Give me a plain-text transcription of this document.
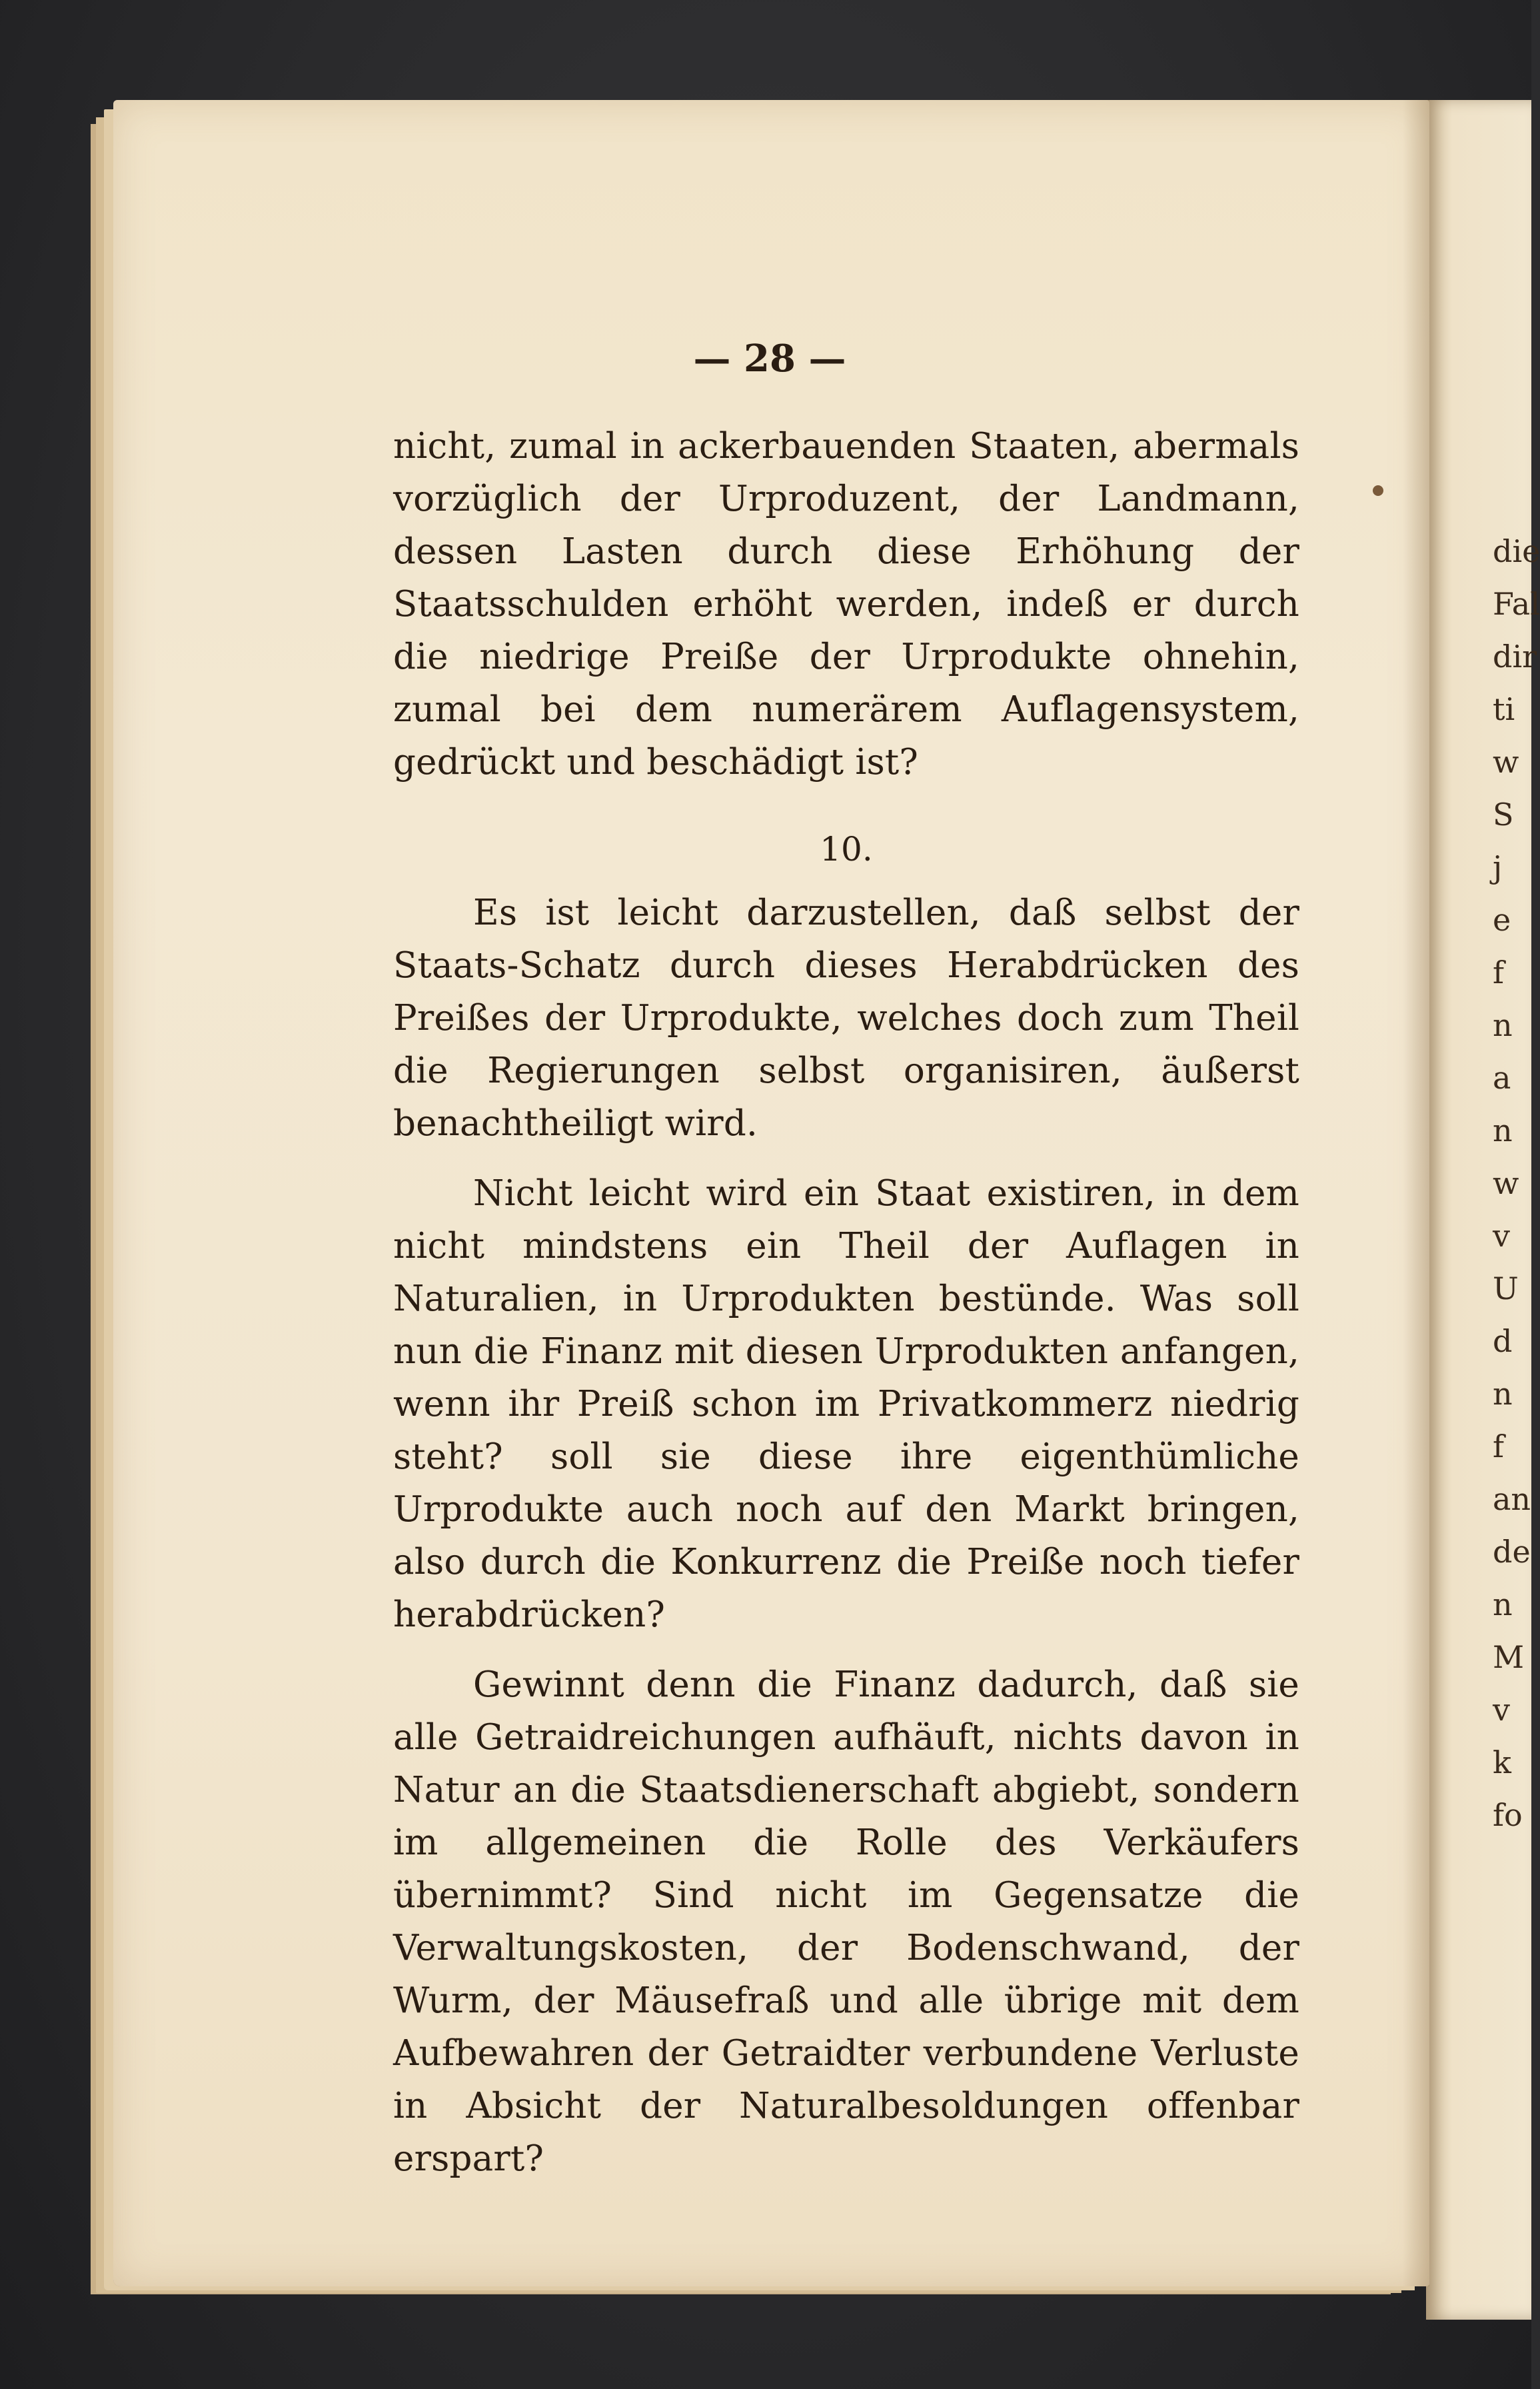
die
Fal
dir
ti
w
S
j
e
f
n
a
n
w
v
U
d
n
f
an
de
n
M
v
k
fo
— 28 —

nicht, zumal in ackerbauenden Staaten, abermals vorzüglich der Urproduzent, der Landmann, dessen Lasten durch diese Erhöhung der Staatsschulden erhöht werden, indeß er durch die niedrige Preiße der Urprodukte ohnehin, zumal bei dem numerärem Auflagensystem, gedrückt und beschädigt ist?

10.

Es ist leicht darzustellen, daß selbst der Staats-Schatz durch dieses Herabdrücken des Preißes der Urprodukte, welches doch zum Theil die Regierungen selbst organisiren, äußerst benachtheiligt wird.

Nicht leicht wird ein Staat existiren, in dem nicht mindstens ein Theil der Auflagen in Naturalien, in Urprodukten bestünde. Was soll nun die Finanz mit diesen Urprodukten anfangen, wenn ihr Preiß schon im Privatkommerz niedrig steht? soll sie diese ihre eigenthümliche Urprodukte auch noch auf den Markt bringen, also durch die Konkurrenz die Preiße noch tiefer herabdrücken?

Gewinnt denn die Finanz dadurch, daß sie alle Getraidreichungen aufhäuft, nichts davon in Natur an die Staatsdienerschaft abgiebt, sondern im allgemeinen die Rolle des Verkäufers übernimmt? Sind nicht im Gegensatze die Verwaltungskosten, der Bodenschwand, der Wurm, der Mäusefraß und alle übrige mit dem Aufbewahren der Getraidter verbundene Verluste in Absicht der Naturalbesoldungen offenbar erspart?
